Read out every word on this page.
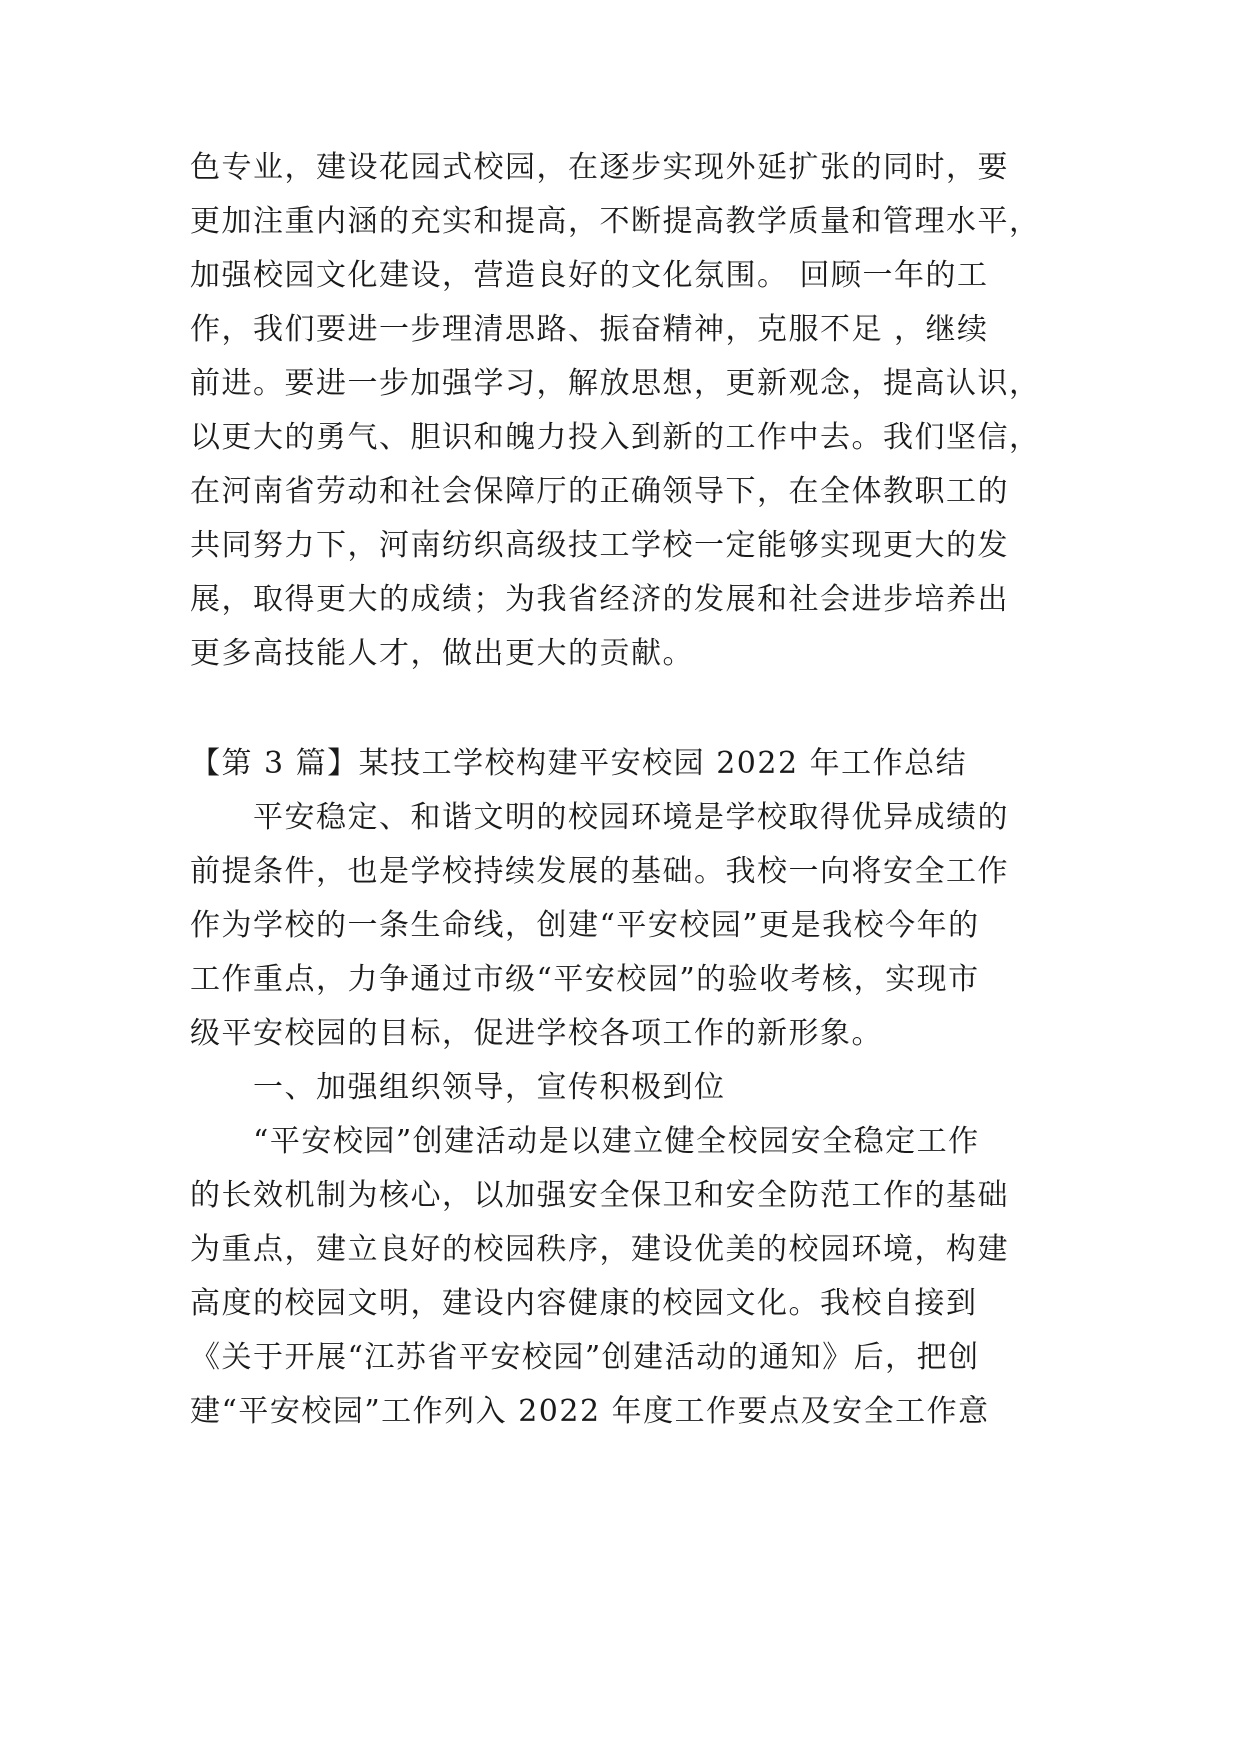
色专业，建设花园式校园，在逐步实现外延扩张的同时，要
更加注重内涵的充实和提高，不断提高教学质量和管理水平，
加强校园文化建设，营造良好的文化氛围。 回顾一年的工
作，我们要进一步理清思路、振奋精神，克服不足 ，继续
前进。要进一步加强学习，解放思想，更新观念，提高认识，
以更大的勇气、胆识和魄力投入到新的工作中去。我们坚信，
在河南省劳动和社会保障厅的正确领导下，在全体教职工的
共同努力下，河南纺织高级技工学校一定能够实现更大的发
展，取得更大的成绩；为我省经济的发展和社会进步培养出
更多高技能人才，做出更大的贡献。
【第 3 篇】某技工学校构建平安校园 2022 年工作总结
　　平安稳定、和谐文明的校园环境是学校取得优异成绩的
前提条件，也是学校持续发展的基础。我校一向将安全工作
作为学校的一条生命线，创建“平安校园”更是我校今年的
工作重点，力争通过市级“平安校园”的验收考核，实现市
级平安校园的目标，促进学校各项工作的新形象。
　　一、加强组织领导，宣传积极到位
　　“平安校园”创建活动是以建立健全校园安全稳定工作
的长效机制为核心，以加强安全保卫和安全防范工作的基础
为重点，建立良好的校园秩序，建设优美的校园环境，构建
高度的校园文明，建设内容健康的校园文化。我校自接到
《关于开展“江苏省平安校园”创建活动的通知》后，把创
建“平安校园”工作列入 2022 年度工作要点及安全工作意
